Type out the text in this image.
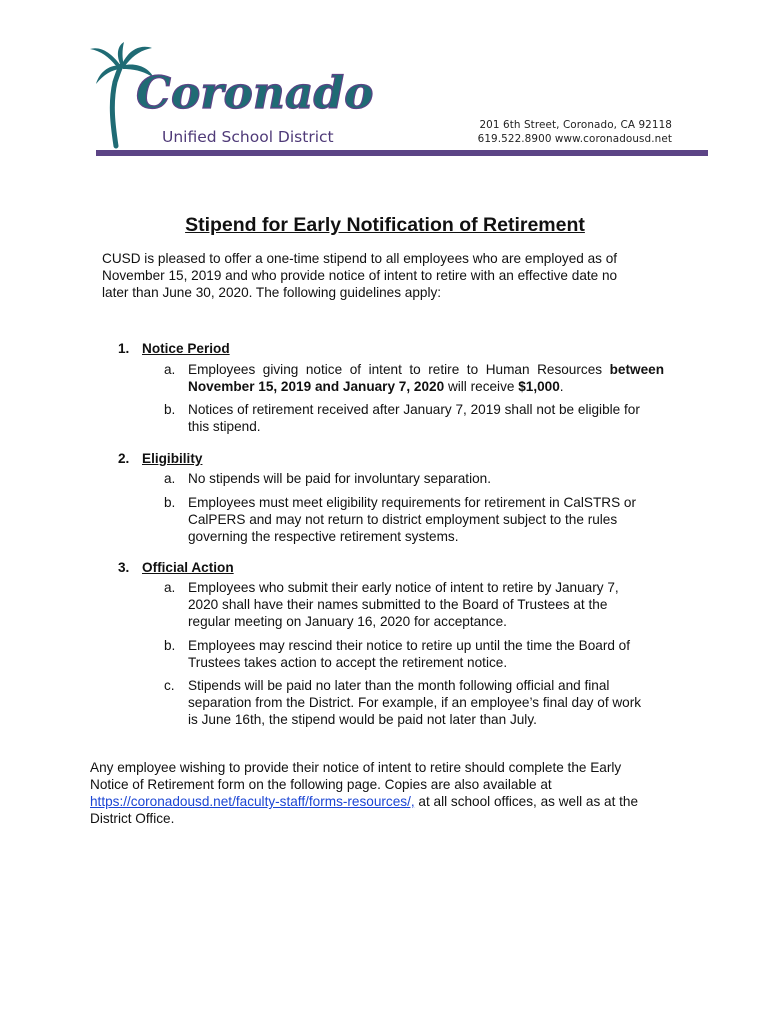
Coronado
Unified School District
201 6th Street, Coronado, CA 92118
619.522.8900 www.coronadousd.net
Stipend for Early Notification of Retirement
CUSD is pleased to offer a one-time stipend to all employees who are employed as of
November 15, 2019 and who provide notice of intent to retire with an effective date no
later than June 30, 2020. The following guidelines apply:
1. Notice Period
a. Employees giving notice of intent to retire to Human Resources between
November 15, 2019 and January 7, 2020 will receive $1,000.
b. Notices of retirement received after January 7, 2019 shall not be eligible for
this stipend.
2. Eligibility
a. No stipends will be paid for involuntary separation.
b. Employees must meet eligibility requirements for retirement in CalSTRS or
CalPERS and may not return to district employment subject to the rules
governing the respective retirement systems.
3. Official Action
a. Employees who submit their early notice of intent to retire by January 7,
2020 shall have their names submitted to the Board of Trustees at the
regular meeting on January 16, 2020 for acceptance.
b. Employees may rescind their notice to retire up until the time the Board of
Trustees takes action to accept the retirement notice.
c. Stipends will be paid no later than the month following official and final
separation from the District. For example, if an employee’s final day of work
is June 16th, the stipend would be paid not later than July.
Any employee wishing to provide their notice of intent to retire should complete the Early
Notice of Retirement form on the following page. Copies are also available at
https://coronadousd.net/faculty-staff/forms-resources/, at all school offices, as well as at the
District Office.
